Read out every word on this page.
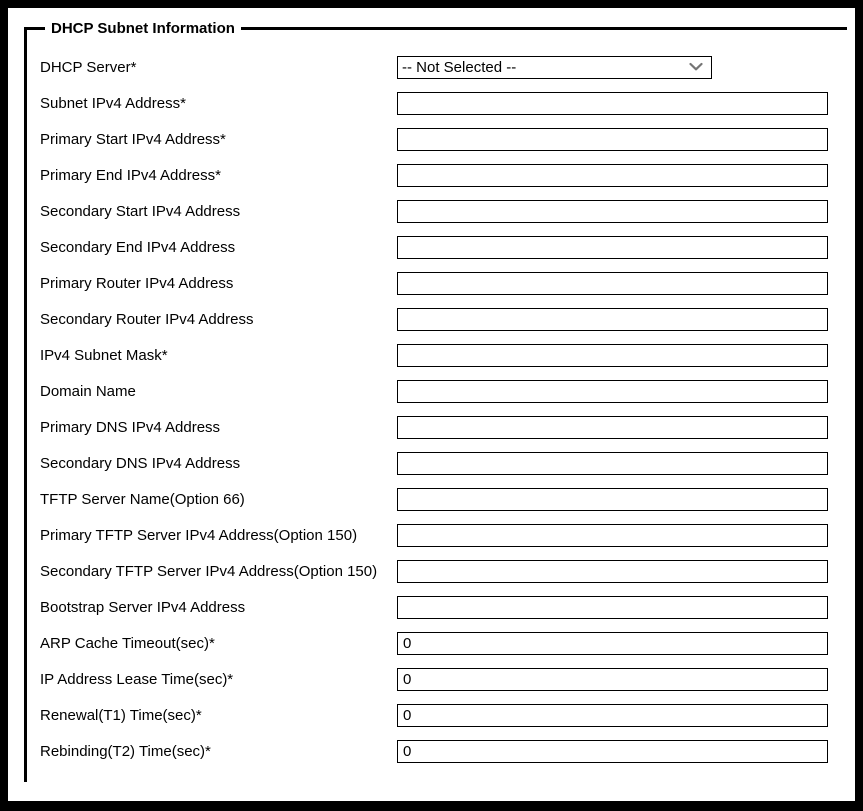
DHCP Subnet Information
DHCP Server*
-- Not Selected --
Subnet IPv4 Address*
Primary Start IPv4 Address*
Primary End IPv4 Address*
Secondary Start IPv4 Address
Secondary End IPv4 Address
Primary Router IPv4 Address
Secondary Router IPv4 Address
IPv4 Subnet Mask*
Domain Name
Primary DNS IPv4 Address
Secondary DNS IPv4 Address
TFTP Server Name(Option 66)
Primary TFTP Server IPv4 Address(Option 150)
Secondary TFTP Server IPv4 Address(Option 150)
Bootstrap Server IPv4 Address
ARP Cache Timeout(sec)*
0
IP Address Lease Time(sec)*
0
Renewal(T1) Time(sec)*
0
Rebinding(T2) Time(sec)*
0
